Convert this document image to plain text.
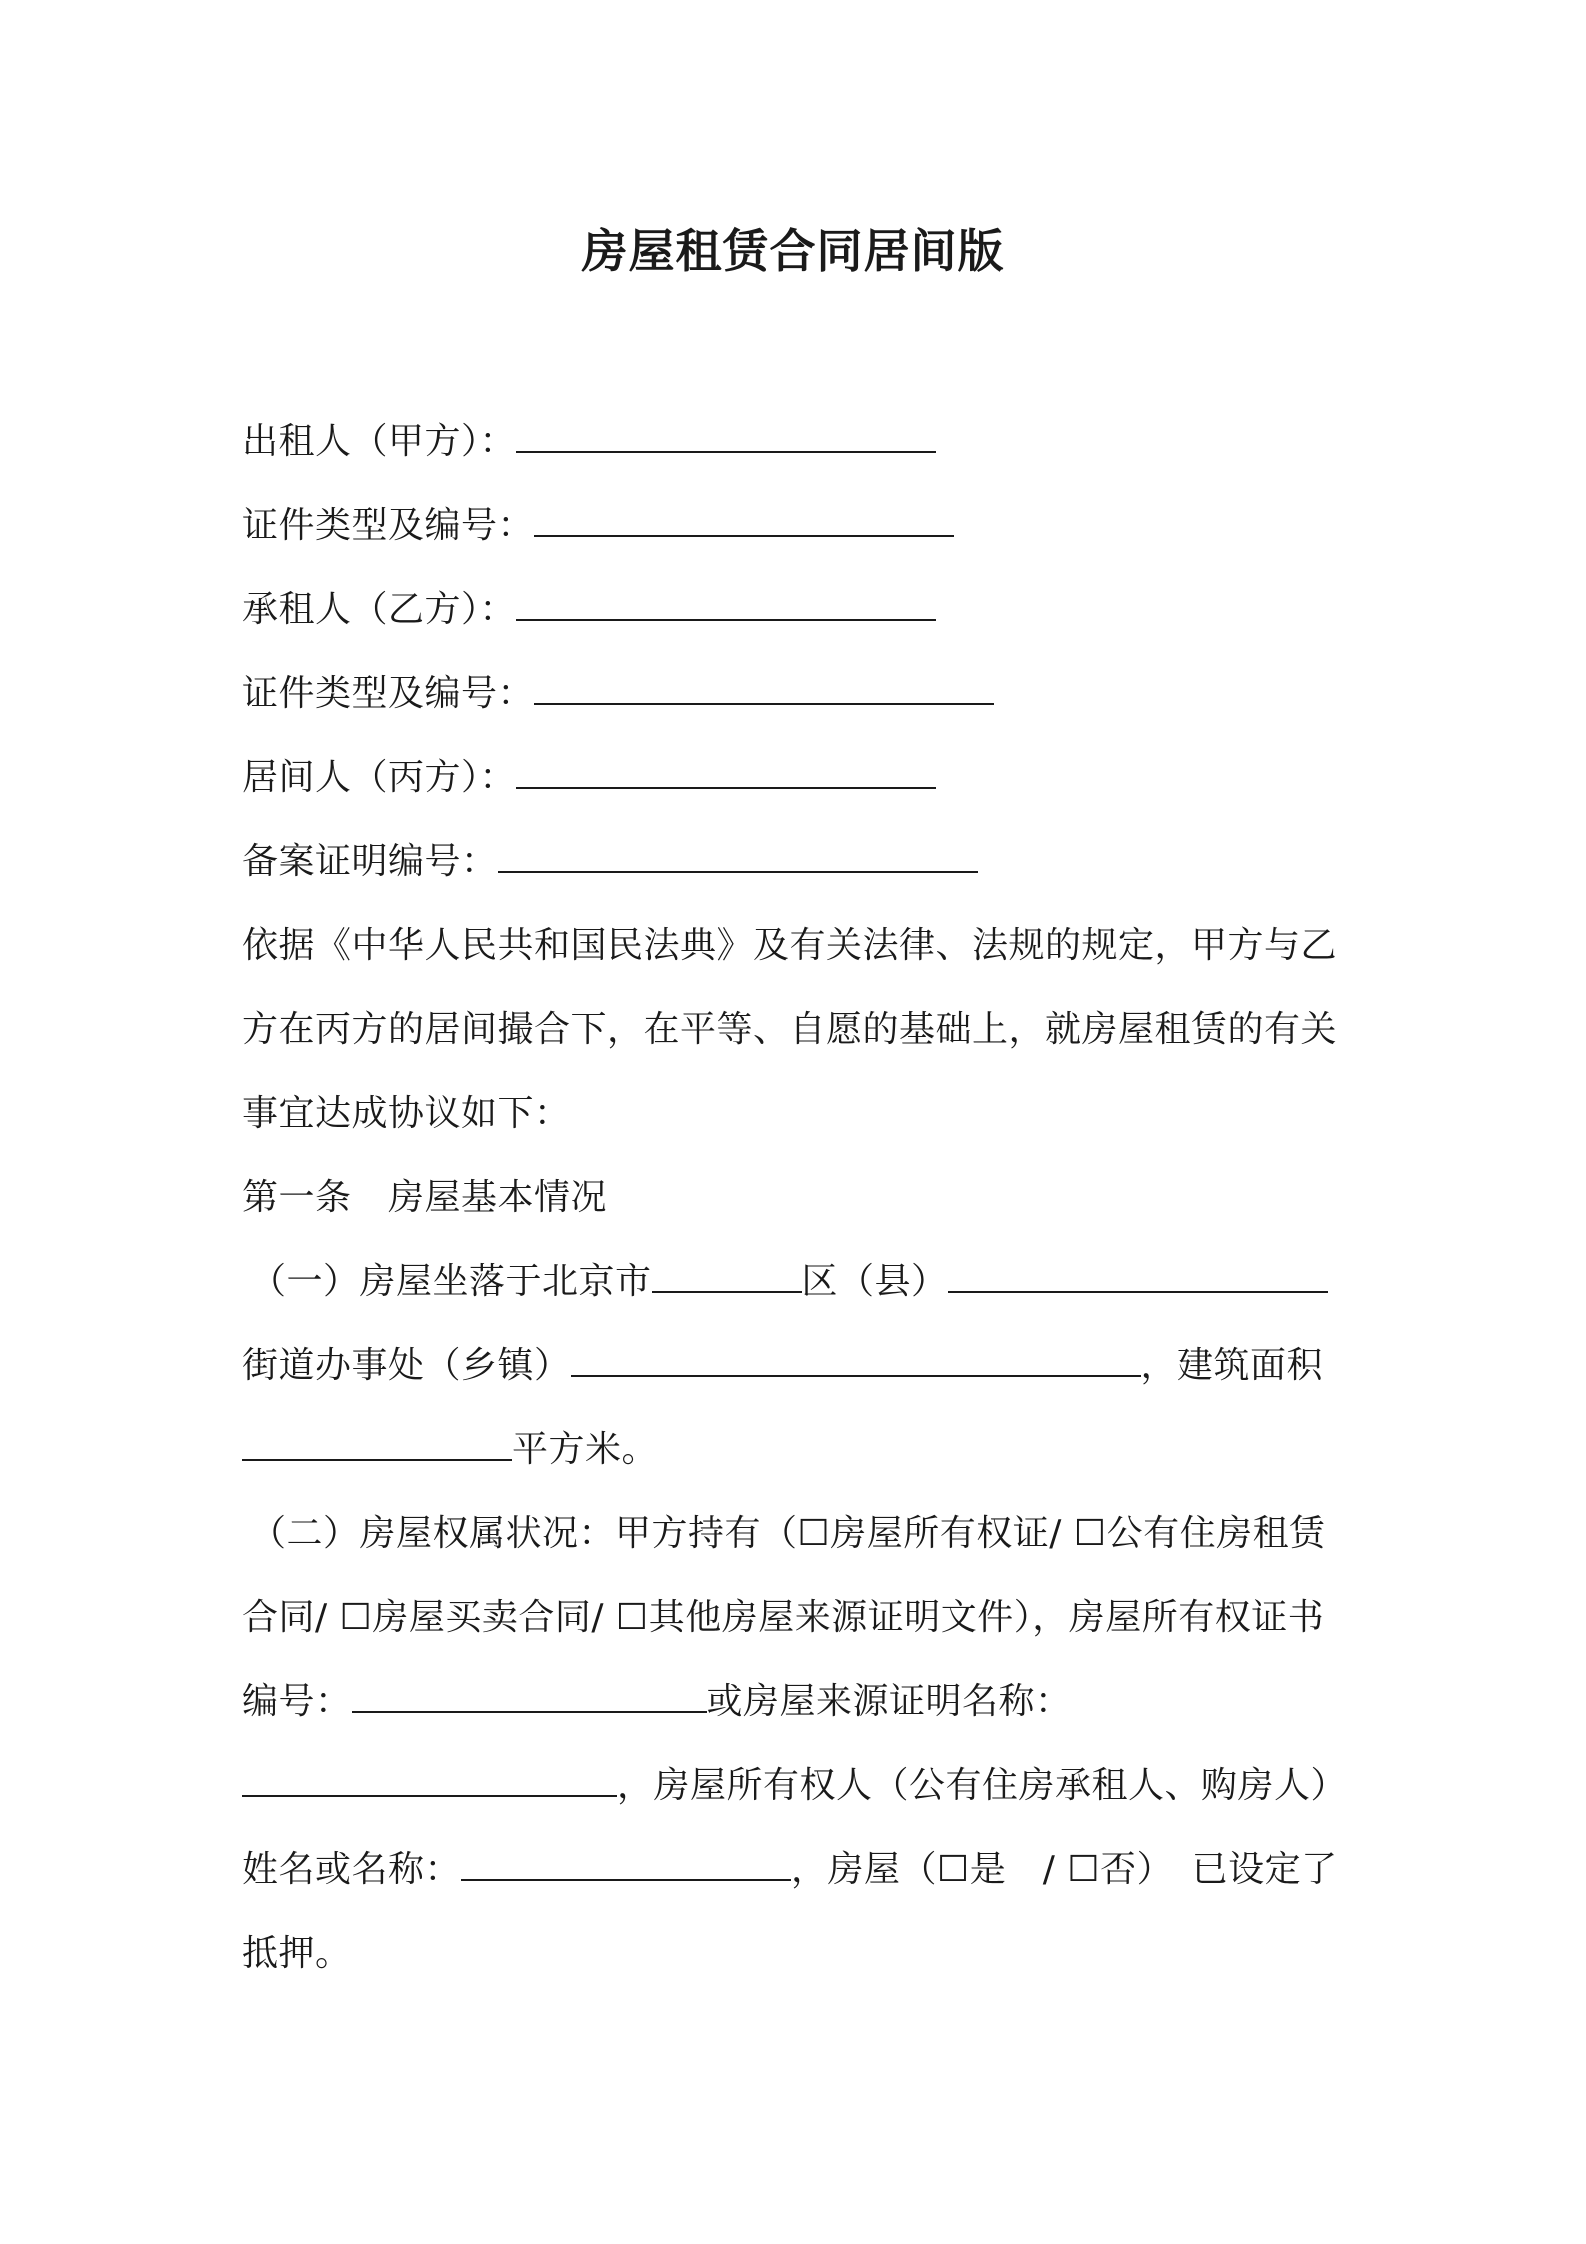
房屋租赁合同居间版
出租人（甲方）：
证件类型及编号：
承租人（乙方）：
证件类型及编号：
居间人（丙方）：
备案证明编号：
依据《中华人民共和国民法典》及有关法律、法规的规定，甲方与乙
方在丙方的居间撮合下，在平等、自愿的基础上，就房屋租赁的有关
事宜达成协议如下：
第一条　房屋基本情况
（一）房屋坐落于北京市	区（县）
街道办事处（乡镇）	，建筑面积
平方米。
（二）房屋权属状况：甲方持有（☐房屋所有权证/ ☐公有住房租赁
合同/ ☐房屋买卖合同/ ☐其他房屋来源证明文件），房屋所有权证书
编号：	或房屋来源证明名称：
，房屋所有权人（公有住房承租人、购房人）
姓名或名称：	，房屋（☐是　/ ☐否）　已设定了
抵押。
